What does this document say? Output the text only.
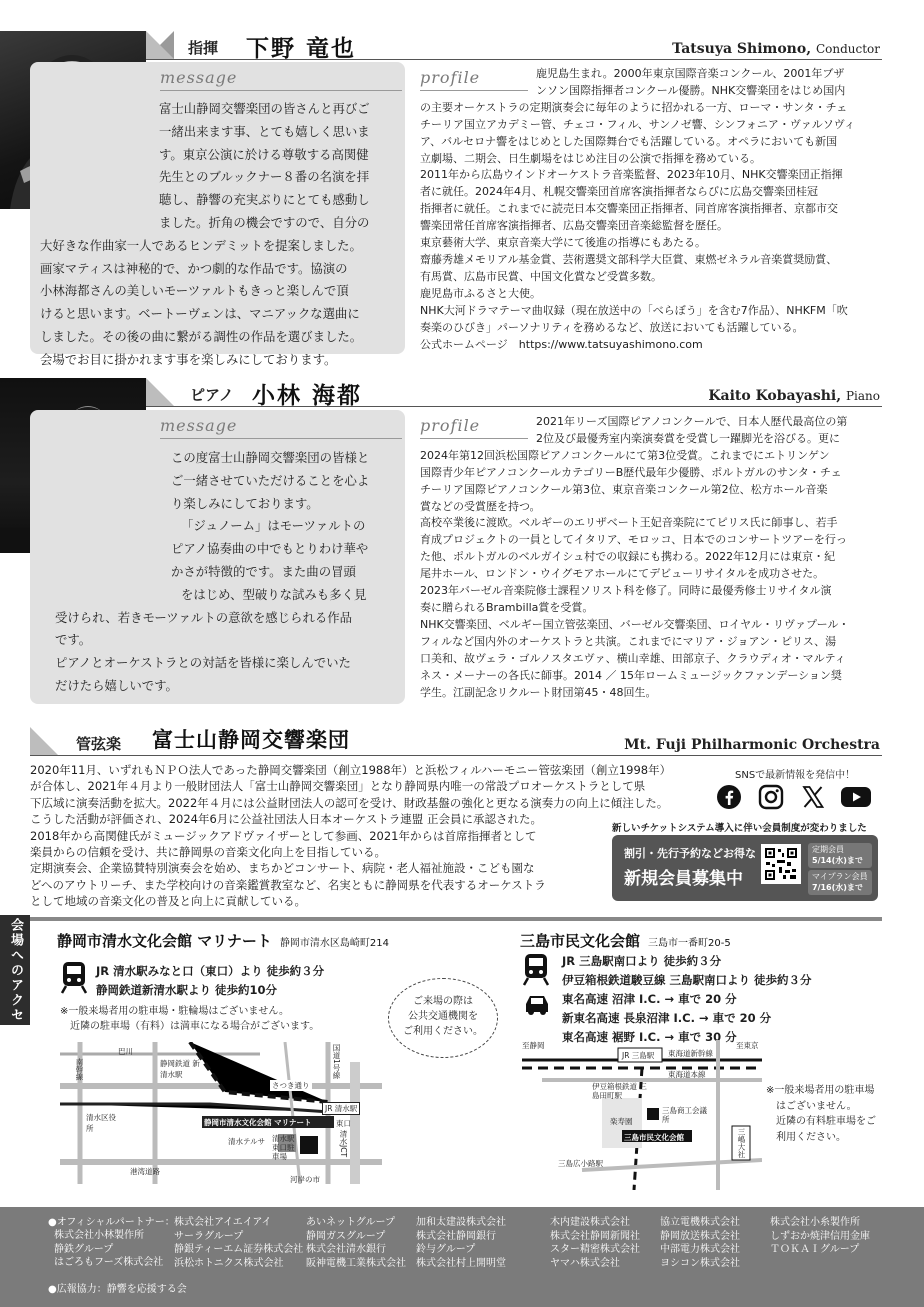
指揮 下野 竜也	Tatsuya Shimono, Conductor
message
富士山静岡交響楽団の皆さんと再びご
一緒出来ます事、とても嬉しく思いま
す。東京公演に於ける尊敬する高関健
先生とのブルックナー８番の名演を拝
聴し、静響の充実ぶりにとても感動し
ました。折角の機会ですので、自分の
大好きな作曲家一人であるヒンデミットを提案しました。
画家マティスは神秘的で、かつ劇的な作品です。協演の
小林海都さんの美しいモーツァルトもきっと楽しんで頂
けると思います。ベートーヴェンは、マニアックな選曲に
しました。その後の曲に繋がる調性の作品を選びました。
会場でお目に掛かれます事を楽しみにしております。
profile	鹿児島生まれ。2000年東京国際音楽コンクール、2001年ブザ
ンソン国際指揮者コンクール優勝。NHK交響楽団をはじめ国内
の主要オーケストラの定期演奏会に毎年のように招かれる一方、ローマ・サンタ・チェ
チーリア国立アカデミー管、チェコ・フィル、サンノゼ響、シンフォニア・ヴァルソヴィ
ア、バルセロナ響をはじめとした国際舞台でも活躍している。オペラにおいても新国
立劇場、二期会、日生劇場をはじめ注目の公演で指揮を務めている。
2011年から広島ウインドオーケストラ音楽監督、2023年10月、NHK交響楽団正指揮
者に就任。2024年4月、札幌交響楽団首席客演指揮者ならびに広島交響楽団桂冠
指揮者に就任。これまでに読売日本交響楽団正指揮者、同首席客演指揮者、京都市交
響楽団常任首席客演指揮者、広島交響楽団音楽総監督を歴任。
東京藝術大学、東京音楽大学にて後進の指導にもあたる。
齋藤秀雄メモリアル基金賞、芸術選奨文部科学大臣賞、東燃ゼネラル音楽賞奨励賞、
有馬賞、広島市民賞、中国文化賞など受賞多数。
鹿児島市ふるさと大使。
NHK大河ドラマテーマ曲収録（現在放送中の「べらぼう」を含む7作品）、NHKFM「吹
奏楽のひびき」パーソナリティを務めるなど、放送においても活躍している。
公式ホームページ　https://www.tatsuyashimono.com
ピアノ 小林 海都	Kaito Kobayashi, Piano
message
この度富士山静岡交響楽団の皆様と
ご一緒させていただけることを心よ
り楽しみにしております。
「ジュノーム」はモーツァルトの
ピアノ協奏曲の中でもとりわけ華や
かさが特徴的です。また曲の冒頭
をはじめ、型破りな試みも多く見
受けられ、若きモーツァルトの意欲を感じられる作品
です。
ピアノとオーケストラとの対話を皆様に楽しんでいた
だけたら嬉しいです。
profile	2021年リーズ国際ピアノコンクールで、日本人歴代最高位の第
2位及び最優秀室内楽演奏賞を受賞し一躍脚光を浴びる。更に
2024年第12回浜松国際ピアノコンクールにて第3位受賞。これまでにエトリンゲン
国際青少年ピアノコンクールカテゴリーB歴代最年少優勝、ポルトガルのサンタ・チェ
チーリア国際ピアノコンクール第3位、東京音楽コンクール第2位、松方ホール音楽
賞などの受賞歴を持つ。
高校卒業後に渡欧。ベルギーのエリザベート王妃音楽院にてピリス氏に師事し、若手
育成プロジェクトの一員としてイタリア、モロッコ、日本でのコンサートツアーを行っ
た他、ポルトガルのベルガイシュ村での収録にも携わる。2022年12月には東京・紀
尾井ホール、ロンドン・ウイグモアホールにてデビューリサイタルを成功させた。
2023年バーゼル音楽院修士課程ソリスト科を修了。同時に最優秀修士リサイタル演
奏に贈られるBrambilla賞を受賞。
NHK交響楽団、ベルギー国立管弦楽団、バーゼル交響楽団、ロイヤル・リヴァプール・
フィルなど国内外のオーケストラと共演。これまでにマリア・ジョアン・ピリス、湯
口美和、故ヴェラ・ゴルノスタエヴァ、横山幸雄、田部京子、クラウディオ・マルティ
ネス・メーナーの各氏に師事。2014 ／ 15年ロームミュージックファンデーション奨
学生。江副記念リクルート財団第45・48回生。
管弦楽 富士山静岡交響楽団	Mt. Fuji Philharmonic Orchestra
2020年11月、いずれもＮＰＯ法人であった静岡交響楽団（創立1988年）と浜松フィルハーモニー管弦楽団（創立1998年）
が合体し、2021年４月より一般財団法人「富士山静岡交響楽団」となり静岡県内唯一の常設プロオーケストラとして県
下広域に演奏活動を拡大。2022年４月には公益財団法人の認可を受け、財政基盤の強化と更なる演奏力の向上に傾注した。
こうした活動が評価され、2024年6月に公益社団法人日本オーケストラ連盟 正会員に承認された。
2018年から高関健氏がミュージックアドヴァイザーとして参画、2021年からは首席指揮者として
楽員からの信頼を受け、共に静岡県の音楽文化向上を目指している。
定期演奏会、企業協賛特別演奏会を始め、まちかどコンサート、病院・老人福祉施設・こども園な
どへのアウトリーチ、また学校向けの音楽鑑賞教室など、名実ともに静岡県を代表するオーケストラ
として地域の音楽文化の普及と向上に貢献している。
SNSで最新情報を発信中！
新しいチケットシステム導入に伴い会員制度が変わりました
割引・先行予約などお得な
新規会員募集中
定期会員
5/14(水)まで
マイプラン会員
7/16(水)まで
会場へのアクセ
静岡市清水文化会館 マリナート 静岡市清水区島崎町214
JR 清水駅みなと口（東口）より 徒歩約３分
静岡鉄道新清水駅より 徒歩約10分
※一般来場者用の駐車場・駐輪場はございません。
　近隣の駐車場（有料）は満車になる場合がございます。
ご来場の際は
公共交通機関を
ご利用ください。
南幹線
巴川
静岡鉄道 新清水駅	国道1号線
さつき通り
JR 清水駅
東口
清水区役所
静岡市清水文化会館 マリナート
清水テルサ 清水駅東口駐車場
港湾道路
河岸の市
清水JCT
三島市民文化会館 三島市一番町20-5
JR 三島駅南口より 徒歩約３分
伊豆箱根鉄道駿豆線 三島駅南口より 徒歩約３分
東名高速 沼津 I.C. → 車で 20 分
新東名高速 長泉沼津 I.C. → 車で 20 分
東名高速 裾野 I.C. → 車で 30 分
至静岡
JR 三島駅 東海道新幹線
東海道本線
至東京
伊豆箱根鉄道 三島田町駅
楽寿園
三島市民文化会館
三島商工会議所
三島広小路駅
三嶋大社
※一般来場者用の駐車場
　はございません。
　近隣の有料駐車場をご
　利用ください。
●オフィシャルパートナー：
株式会社小林製作所
静鉄グループ
はごろもフーズ株式会社
株式会社アイエイアイ
サーラグループ
静銀ティーエム証券株式会社
浜松ホトニクス株式会社
あいネットグループ
静岡ガスグループ
株式会社清水銀行
阪神電機工業株式会社
加和太建設株式会社
株式会社静岡銀行
鈴与グループ
株式会社村上開明堂
木内建設株式会社
株式会社静岡新聞社
スター精密株式会社
ヤマハ株式会社
協立電機株式会社
静岡放送株式会社
中部電力株式会社
ヨシコン株式会社
株式会社小糸製作所
しずおか焼津信用金庫
ＴＯＫＡＩグループ
●広報協力：静響を応援する会
